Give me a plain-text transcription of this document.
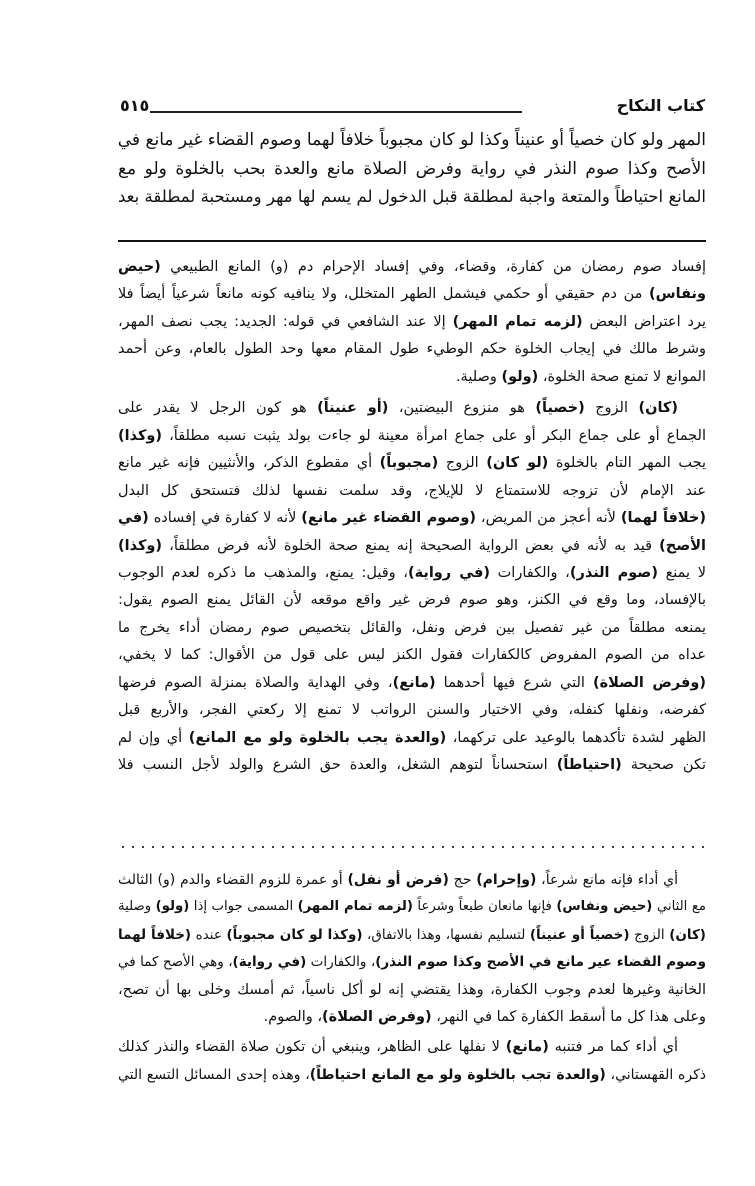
كتاب النكاح
٥١٥
المهر ولو كان خصياً أو عنيناً وكذا لو كان مجبوباً خلافاً لهما وصوم القضاء غير مانع في
الأصح وكذا صوم النذر في رواية وفرض الصلاة مانع والعدة بحب بالخلوة ولو مع
المانع احتياطاً والمتعة واجبة لمطلقة قبل الدخول لم يسم لها مهر ومستحبة لمطلقة بعد
إفساد صوم رمضان من كفارة، وقضاء، وفي إفساد الإحرام دم (و) المانع الطبيعي (حيض
ونفاس) من دم حقيقي أو حكمي فيشمل الطهر المتخلل، ولا ينافيه كونه مانعاً شرعياً أيضاً فلا
يرد اعتراض البعض (لزمه تمام المهر) إلا عند الشافعي في قوله: الجديد: يجب نصف المهر،
وشرط مالك في إيجاب الخلوة حكم الوطيء طول المقام معها وحد الطول بالعام، وعن أحمد
الموانع لا تمنع صحة الخلوة، (ولو) وصلية.
(كان) الزوج (خصياً) هو منزوع البيضتين، (أو عنيناً) هو كون الرجل لا يقدر على
الجماع أو على جماع البكر أو على جماع امرأة معينة لو جاءت بولد يثبت نسبه مطلقاً، (وكذا)
يجب المهر التام بالخلوة (لو كان) الزوج (مجبوباً) أي مقطوع الذكر، والأنثيين فإنه غير مانع
عند الإمام لأن تزوجه للاستمتاع لا للإيلاج، وقد سلمت نفسها لذلك فتستحق كل البدل
(خلافاً لهما) لأنه أعجز من المريض، (وصوم القضاء غير مانع) لأنه لا كفارة في إفساده (في
الأصح) قيد به لأنه في بعض الرواية الصحيحة إنه يمنع صحة الخلوة لأنه فرض مطلقاً، (وكذا)
لا يمنع (صوم النذر)، والكفارات (في رواية)، وقيل: يمنع، والمذهب ما ذكره لعدم الوجوب
بالإفساد، وما وقع في الكنز، وهو صوم فرض غير واقع موقعه لأن القائل يمنع الصوم يقول:
يمنعه مطلقاً من غير تفصيل بين فرض ونفل، والقائل بتخصيص صوم رمضان أداء يخرج ما
عداه من الصوم المفروض كالكفارات فقول الكنز ليس على قول من الأقوال: كما لا يخفي،
(وفرض الصلاة) التي شرع فيها أحدهما (مانع)، وفي الهداية والصلاة بمنزلة الصوم فرضها
كفرضه، ونفلها كنفله، وفي الاختيار والسنن الرواتب لا تمنع إلا ركعتي الفجر، والأربع قبل
الظهر لشدة تأكدهما بالوعيد على تركهما، (والعدة يجب بالخلوة ولو مع المانع) أي وإن لم
تكن صحيحة (احتياطاً) استحساناً لتوهم الشغل، والعدة حق الشرع والولد لأجل النسب فلا
أي أداء فإنه مانع شرعاً، (وإحرام) حج (فرض أو نفل) أو عمرة للزوم القضاء والدم (و) الثالث
مع الثاني (حيض ونفاس) فإنها مانعان طبعاً وشرعاً (لزمه تمام المهر) المسمى جواب إذا (ولو) وصلية
(كان) الزوج (خصياً أو عنيناً) لتسليم نفسها، وهذا بالاتفاق، (وكذا لو كان مجبوباً) عنده (خلافاً لهما
وصوم القضاء عير مانع في الأصح وكذا صوم النذر)، والكفارات (في رواية)، وهي الأصح كما في
الخانية وغيرها لعدم وجوب الكفارة، وهذا يقتضي إنه لو أكل ناسياً، ثم أمسك وخلى بها أن تصح،
وعلى هذا كل ما أسقط الكفارة كما في النهر، (وفرض الصلاة)، والصوم.
أي أداء كما مر فتنبه (مانع) لا نفلها على الظاهر، وينبغي أن تكون صلاة القضاء والنذر كذلك
ذكره القهستاني، (والعدة تجب بالخلوة ولو مع المانع احتياطاً)، وهذه إحدى المسائل التسع التي
